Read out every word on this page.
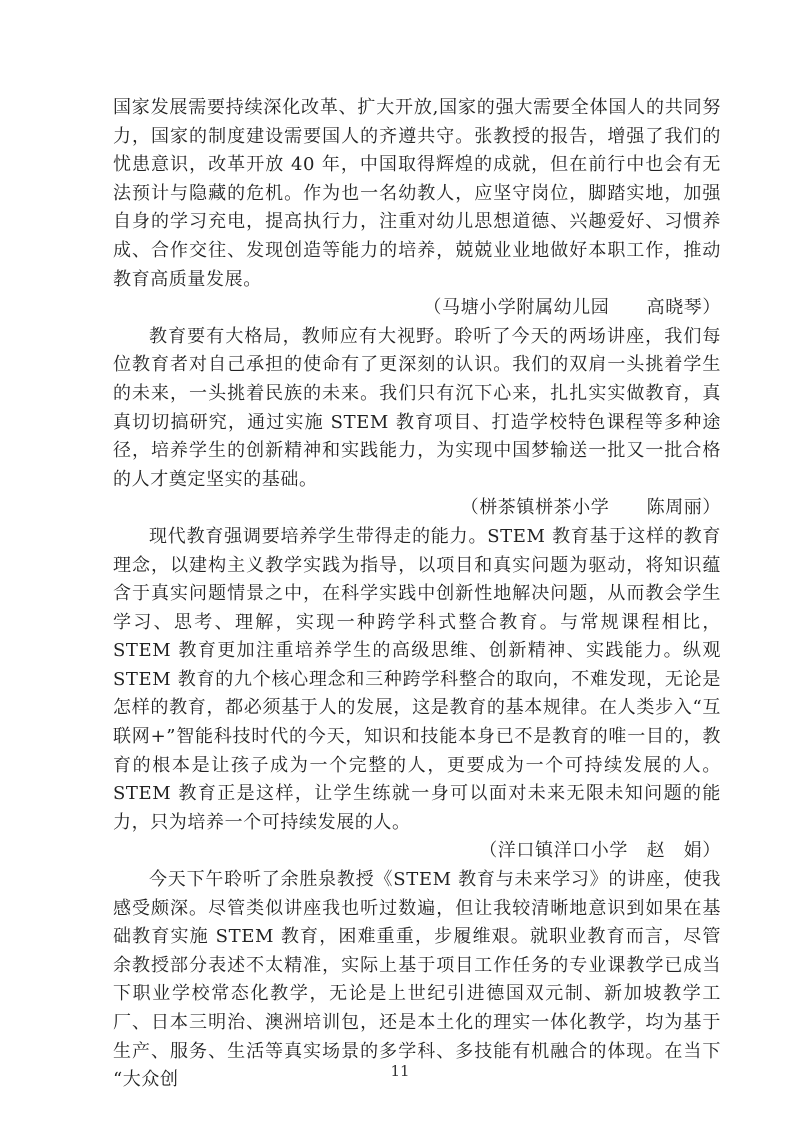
国家发展需要持续深化改革、扩大开放,国家的强大需要全体国人的共同努力，国家的制度建设需要国人的齐遵共守。张教授的报告，增强了我们的忧患意识，改革开放 40 年，中国取得辉煌的成就，但在前行中也会有无法预计与隐藏的危机。作为也一名幼教人，应坚守岗位，脚踏实地，加强自身的学习充电，提高执行力，注重对幼儿思想道德、兴趣爱好、习惯养成、合作交往、发现创造等能力的培养，兢兢业业地做好本职工作，推动教育高质量发展。

（马塘小学附属幼儿园　　高晓琴）

教育要有大格局，教师应有大视野。聆听了今天的两场讲座，我们每位教育者对自己承担的使命有了更深刻的认识。我们的双肩一头挑着学生的未来，一头挑着民族的未来。我们只有沉下心来，扎扎实实做教育，真真切切搞研究，通过实施 STEM 教育项目、打造学校特色课程等多种途径，培养学生的创新精神和实践能力，为实现中国梦输送一批又一批合格的人才奠定坚实的基础。

（栟茶镇栟茶小学　　陈周丽）

现代教育强调要培养学生带得走的能力。STEM 教育基于这样的教育理念，以建构主义教学实践为指导，以项目和真实问题为驱动，将知识蕴含于真实问题情景之中，在科学实践中创新性地解决问题，从而教会学生学习、思考、理解，实现一种跨学科式整合教育。与常规课程相比，STEM 教育更加注重培养学生的高级思维、创新精神、实践能力。纵观 STEM 教育的九个核心理念和三种跨学科整合的取向，不难发现，无论是怎样的教育，都必须基于人的发展，这是教育的基本规律。在人类步入“互联网+”智能科技时代的今天，知识和技能本身已不是教育的唯一目的，教育的根本是让孩子成为一个完整的人，更要成为一个可持续发展的人。STEM 教育正是这样，让学生练就一身可以面对未来无限未知问题的能力，只为培养一个可持续发展的人。

（洋口镇洋口小学　赵　娟）

今天下午聆听了余胜泉教授《STEM 教育与未来学习》的讲座，使我感受颇深。尽管类似讲座我也听过数遍，但让我较清晰地意识到如果在基础教育实施 STEM 教育，困难重重，步履维艰。就职业教育而言，尽管余教授部分表述不太精准，实际上基于项目工作任务的专业课教学已成当下职业学校常态化教学，无论是上世纪引进德国双元制、新加坡教学工厂、日本三明治、澳洲培训包，还是本土化的理实一体化教学，均为基于生产、服务、生活等真实场景的多学科、多技能有机融合的体现。在当下 “大众创	11
